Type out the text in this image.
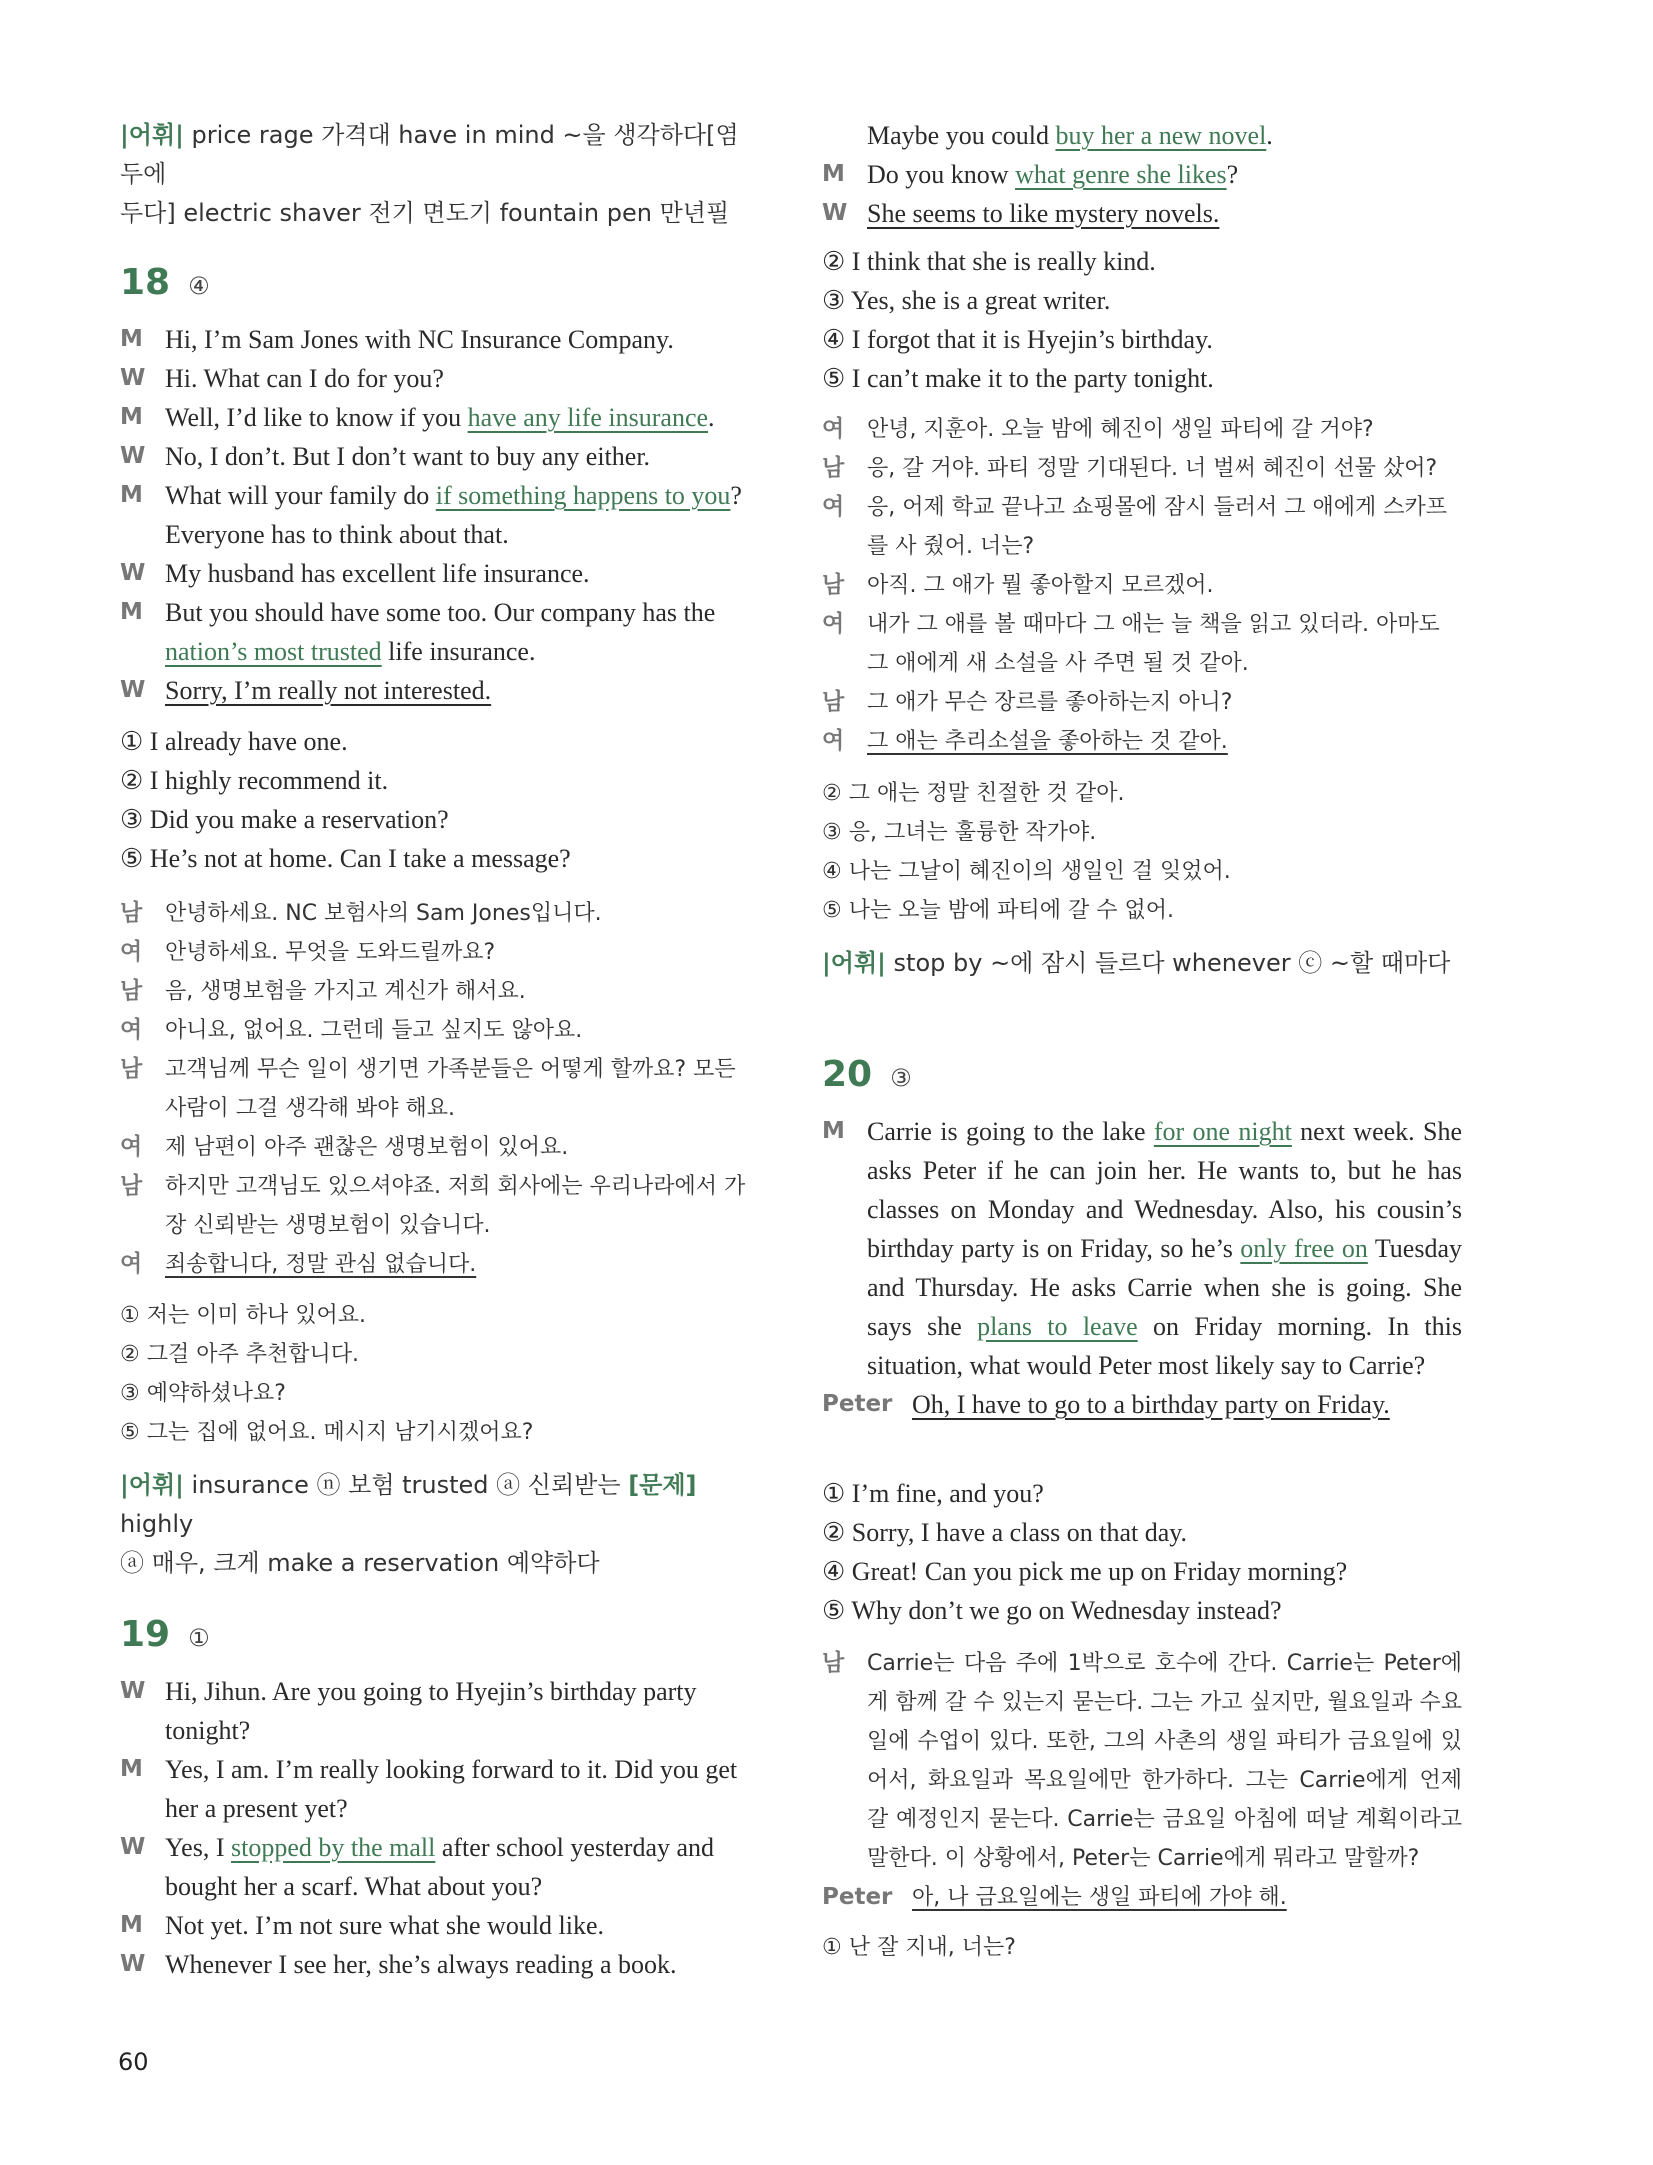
|어휘| price rage 가격대 have in mind ~을 생각하다[염두에
두다] electric shaver 전기 면도기 fountain pen 만년필
18 ④
M Hi, I’m Sam Jones with NC Insurance Company.
W Hi. What can I do for you?
M Well, I’d like to know if you have any life insurance.
W No, I don’t. But I don’t want to buy any either.
M What will your family do if something happens to you? Everyone has to think about that.
W My husband has excellent life insurance.
M But you should have some too. Our company has the nation’s most trusted life insurance.
W Sorry, I’m really not interested.
① I already have one.
② I highly recommend it.
③ Did you make a reservation?
⑤ He’s not at home. Can I take a message?
남	안녕하세요. NC 보험사의 Sam Jones입니다.
여	안녕하세요. 무엇을 도와드릴까요?
남	음, 생명보험을 가지고 계신가 해서요.
여	아니요, 없어요. 그런데 들고 싶지도 않아요.
남	고객님께 무슨 일이 생기면 가족분들은 어떻게 할까요? 모든 사람이 그걸 생각해 봐야 해요.
여	제 남편이 아주 괜찮은 생명보험이 있어요.
남	하지만 고객님도 있으셔야죠. 저희 회사에는 우리나라에서 가장 신뢰받는 생명보험이 있습니다.
여	죄송합니다, 정말 관심 없습니다.
① 저는 이미 하나 있어요.
② 그걸 아주 추천합니다.
③ 예약하셨나요?
⑤ 그는 집에 없어요. 메시지 남기시겠어요?
|어휘| insurance ⓝ 보험 trusted ⓐ 신뢰받는 [문제] highly
ⓐ 매우, 크게 make a reservation 예약하다
19 ①
W Hi, Jihun. Are you going to Hyejin’s birthday party tonight?
M Yes, I am. I’m really looking forward to it. Did you get her a present yet?
W Yes, I stopped by the mall after school yesterday and bought her a scarf. What about you?
M Not yet. I’m not sure what she would like.
W Whenever I see her, she’s always reading a book.
Maybe you could buy her a new novel.
M Do you know what genre she likes?
W She seems to like mystery novels.
② I think that she is really kind.
③ Yes, she is a great writer.
④ I forgot that it is Hyejin’s birthday.
⑤ I can’t make it to the party tonight.
여	안녕, 지훈아. 오늘 밤에 혜진이 생일 파티에 갈 거야?
남	응, 갈 거야. 파티 정말 기대된다. 너 벌써 혜진이 선물 샀어?
여	응, 어제 학교 끝나고 쇼핑몰에 잠시 들러서 그 애에게 스카프를 사 줬어. 너는?
남	아직. 그 애가 뭘 좋아할지 모르겠어.
여	내가 그 애를 볼 때마다 그 애는 늘 책을 읽고 있더라. 아마도 그 애에게 새 소설을 사 주면 될 것 같아.
남	그 애가 무슨 장르를 좋아하는지 아니?
여	그 애는 추리소설을 좋아하는 것 같아.
② 그 애는 정말 친절한 것 같아.
③ 응, 그녀는 훌륭한 작가야.
④ 나는 그날이 혜진이의 생일인 걸 잊었어.
⑤ 나는 오늘 밤에 파티에 갈 수 없어.
|어휘| stop by ~에 잠시 들르다 whenever ⓒ ~할 때마다
20 ③
M Carrie is going to the lake for one night next week. She asks Peter if he can join her. He wants to, but he has classes on Monday and Wednesday. Also, his cousin’s birthday party is on Friday, so he’s only free on Tuesday and Thursday. He asks Carrie when she is going. She says she plans to leave on Friday morning. In this situation, what would Peter most likely say to Carrie?
Peter Oh, I have to go to a birthday party on Friday.
① I’m fine, and you?
② Sorry, I have a class on that day.
④ Great! Can you pick me up on Friday morning?
⑤ Why don’t we go on Wednesday instead?
남	Carrie는 다음 주에 1박으로 호수에 간다. Carrie는 Peter에게 함께 갈 수 있는지 묻는다. 그는 가고 싶지만, 월요일과 수요일에 수업이 있다. 또한, 그의 사촌의 생일 파티가 금요일에 있어서, 화요일과 목요일에만 한가하다. 그는 Carrie에게 언제 갈 예정인지 묻는다. Carrie는 금요일 아침에 떠날 계획이라고 말한다. 이 상황에서, Peter는 Carrie에게 뭐라고 말할까?
Peter 아, 나 금요일에는 생일 파티에 가야 해.
① 난 잘 지내, 너는?
60
